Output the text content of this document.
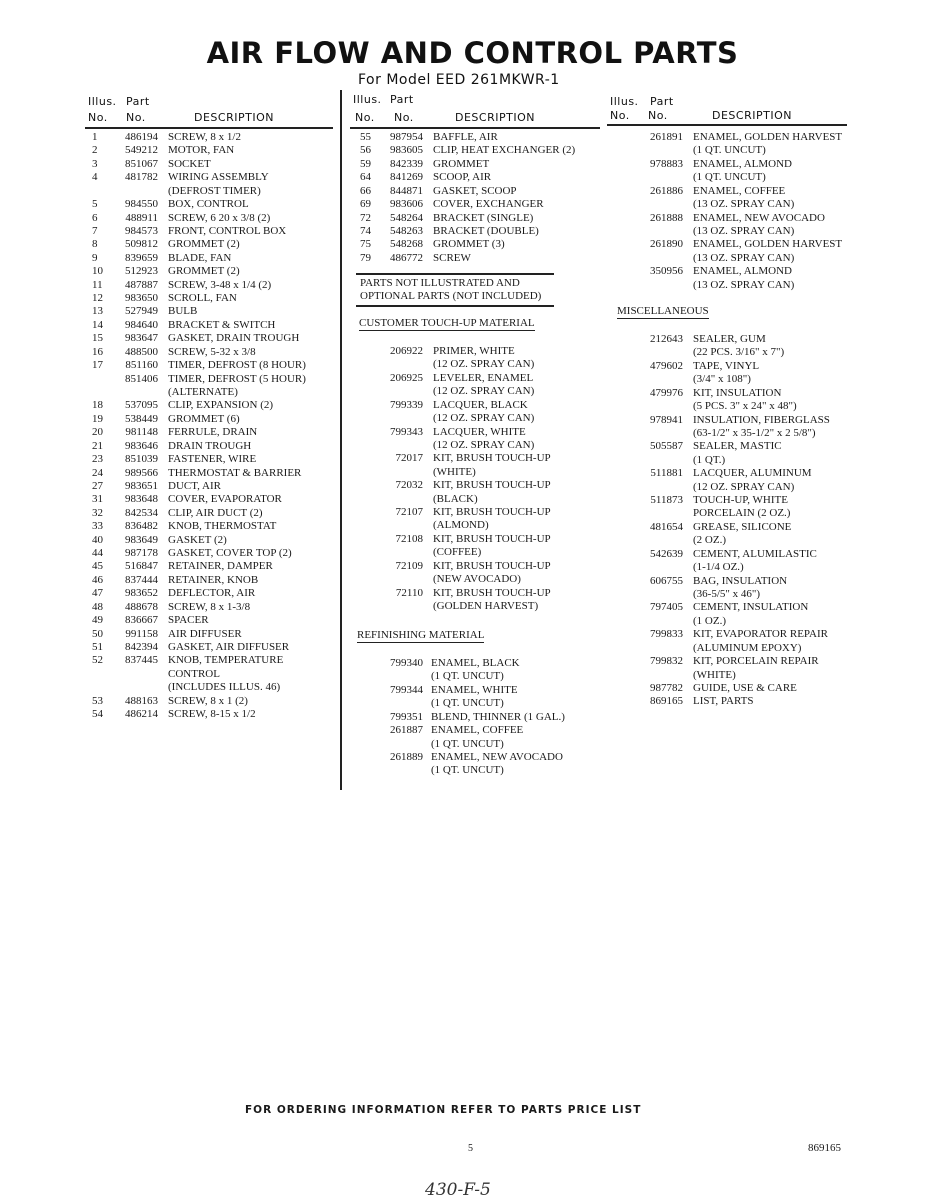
AIR FLOW AND CONTROL PARTS
For Model EED 261MKWR-1
Illus. Part
No. No.	DESCRIPTION
Illus. Part
No. No.	DESCRIPTION
Illus. Part
No. No.	DESCRIPTION
PARTS NOT ILLUSTRATED AND
OPTIONAL PARTS (NOT INCLUDED)
CUSTOMER TOUCH-UP MATERIAL
REFINISHING MATERIAL
MISCELLANEOUS
1	486194 SCREW, 8 x 1/2
2	549212 MOTOR, FAN
3	851067 SOCKET
4	481782 WIRING ASSEMBLY
(DEFROST TIMER)
5	984550 BOX, CONTROL
6	488911 SCREW, 6 20 x 3/8 (2)
7	984573 FRONT, CONTROL BOX
8	509812 GROMMET (2)
9	839659 BLADE, FAN
10	512923 GROMMET (2)
11	487887 SCREW, 3-48 x 1/4 (2)
12	983650 SCROLL, FAN
13	527949 BULB
14	984640 BRACKET & SWITCH
15	983647 GASKET, DRAIN TROUGH
16	488500 SCREW, 5-32 x 3/8
17	851160 TIMER, DEFROST (8 HOUR)
851406 TIMER, DEFROST (5 HOUR)
(ALTERNATE)
18	537095 CLIP, EXPANSION (2)
19	538449 GROMMET (6)
20	981148 FERRULE, DRAIN
21	983646 DRAIN TROUGH
23	851039 FASTENER, WIRE
24	989566 THERMOSTAT & BARRIER
27	983651 DUCT, AIR
31	983648 COVER, EVAPORATOR
32	842534 CLIP, AIR DUCT (2)
33	836482 KNOB, THERMOSTAT
40	983649 GASKET (2)
44	987178 GASKET, COVER TOP (2)
45	516847 RETAINER, DAMPER
46	837444 RETAINER, KNOB
47	983652 DEFLECTOR, AIR
48	488678 SCREW, 8 x 1-3/8
49	836667 SPACER
50	991158 AIR DIFFUSER
51	842394 GASKET, AIR DIFFUSER
52	837445 KNOB, TEMPERATURE
CONTROL
(INCLUDES ILLUS. 46)
53	488163 SCREW, 8 x 1 (2)
54	486214 SCREW, 8-15 x 1/2
55	987954 BAFFLE, AIR
56	983605 CLIP, HEAT EXCHANGER (2)
59	842339 GROMMET
64	841269 SCOOP, AIR
66	844871 GASKET, SCOOP
69	983606 COVER, EXCHANGER
72	548264 BRACKET (SINGLE)
74	548263 BRACKET (DOUBLE)
75	548268 GROMMET (3)
79	486772 SCREW
206922 PRIMER, WHITE
(12 OZ. SPRAY CAN)
206925 LEVELER, ENAMEL
(12 OZ. SPRAY CAN)
799339 LACQUER, BLACK
(12 OZ. SPRAY CAN)
799343 LACQUER, WHITE
(12 OZ. SPRAY CAN)
72017 KIT, BRUSH TOUCH-UP
(WHITE)
72032 KIT, BRUSH TOUCH-UP
(BLACK)
72107 KIT, BRUSH TOUCH-UP
(ALMOND)
72108 KIT, BRUSH TOUCH-UP
(COFFEE)
72109 KIT, BRUSH TOUCH-UP
(NEW AVOCADO)
72110 KIT, BRUSH TOUCH-UP
(GOLDEN HARVEST)
799340 ENAMEL, BLACK
(1 QT. UNCUT)
799344 ENAMEL, WHITE
(1 QT. UNCUT)
799351 BLEND, THINNER (1 GAL.)
261887 ENAMEL, COFFEE
(1 QT. UNCUT)
261889 ENAMEL, NEW AVOCADO
(1 QT. UNCUT)
261891 ENAMEL, GOLDEN HARVEST
(1 QT. UNCUT)
978883 ENAMEL, ALMOND
(1 QT. UNCUT)
261886 ENAMEL, COFFEE
(13 OZ. SPRAY CAN)
261888 ENAMEL, NEW AVOCADO
(13 OZ. SPRAY CAN)
261890 ENAMEL, GOLDEN HARVEST
(13 OZ. SPRAY CAN)
350956 ENAMEL, ALMOND
(13 OZ. SPRAY CAN)
212643 SEALER, GUM
(22 PCS. 3/16" x 7")
479602 TAPE, VINYL
(3/4" x 108")
479976 KIT, INSULATION
(5 PCS. 3" x 24" x 48")
978941 INSULATION, FIBERGLASS
(63-1/2" x 35-1/2" x 2 5/8")
505587 SEALER, MASTIC
(1 QT.)
511881 LACQUER, ALUMINUM
(12 OZ. SPRAY CAN)
511873 TOUCH-UP, WHITE
PORCELAIN (2 OZ.)
481654 GREASE, SILICONE
(2 OZ.)
542639 CEMENT, ALUMILASTIC
(1-1/4 OZ.)
606755 BAG, INSULATION
(36-5/5" x 46")
797405 CEMENT, INSULATION
(1 OZ.)
799833 KIT, EVAPORATOR REPAIR
(ALUMINUM EPOXY)
799832 KIT, PORCELAIN REPAIR
(WHITE)
987782 GUIDE, USE & CARE
869165 LIST, PARTS
FOR ORDERING INFORMATION REFER TO PARTS PRICE LIST
5	869165
430-F-5
